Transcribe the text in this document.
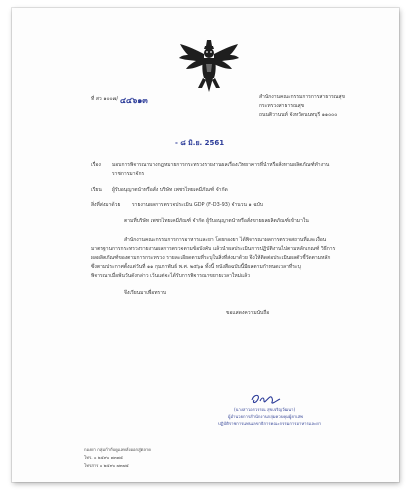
ที่ สว ๑๐๐๗/ ๔๔๖๑๓	สำนักงานคณะกรรมการการสาธารณสุข
กระทรวงสาธารณสุข
ถนนติวานนท์ จังหวัดนนทบุรี ๑๑๐๐๐
- ๘ มิ.ย. 2561
เรื่อง มอบการพิจารณาบางกฎหมายการกระทรวงรายงานผลเรื่องเวิทยาคารที่นำหรือสั่งหามผลิตภัณฑ์ทำงาน
ราชการมาจักร
เรียน ผู้รับอนุญาตนำหรือสั่ง บริษัท เพชรไทยเคมีภัณฑ์ จำกัด
สิ่งที่ส่งมาด้วย รายงานผลการตรวจประเมิน GDP (F-D3-93) จำนวน ๑ ฉบับ
ตามที่บริษัท เพชรไทยเคมีภัณฑ์ จำกัด ผู้รับอนุญาตนำหรือสั่งขายผลผลิตภัณฑ์เข้ามาใน
สำนักงานคณะกรรมการการอาหารและยา โดยกองยา ได้พิจารณาผลการตรวจสถานที่และเงื่อน
มาตรฐานการกระทรวงรายงานผลการตรวจตามข้อบังคับ แล้วนำผลประเมินการปฏิบัติงานไปตามหลักเกณฑ์ วิธีการ
ผลผลิตภัณฑ์ของตามการกระทรวง รายละเอียดตามที่ระบุในสิ่งที่ส่งมาด้วย จึงให้ติดต่อประเมินผลตัวชี้วัดตามหลัก
ซึ่งตามประกาศตั้งแต่วันที่ ๑๑ กุมภาพันธ์ พ.ศ. ๒๕๖๑ ทั้งนี้ หนังสือฉบับนี้มีผลตามกำหนดเวลาที่ระบุ
พิจารณาเมื่อพ้นวันดังกล่าว เว้นแต่จะได้รับการพิจารณาขยายเวลาใหม่แล้ว
จึงเรียนมาเพื่อทราบ
ขอแสดงความนับถือ
(นางสาวอรวรรณ สุขเจริญวัฒนา)
ผู้อำนวยการสำนักงานกลุ่มควบคุมผู้ยาเสพ
ปฏิบัติราชการแทนเลขาธิการคณะกรรมการอาหารและยา
กองยา กลุ่มกำกับดูแลหลังออกสู่ตลาด
โทร. ๐ ๒๕๙๐ ๗๓๗๕
โทรสาร ๐ ๒๕๙๐ ๗๓๗๕
